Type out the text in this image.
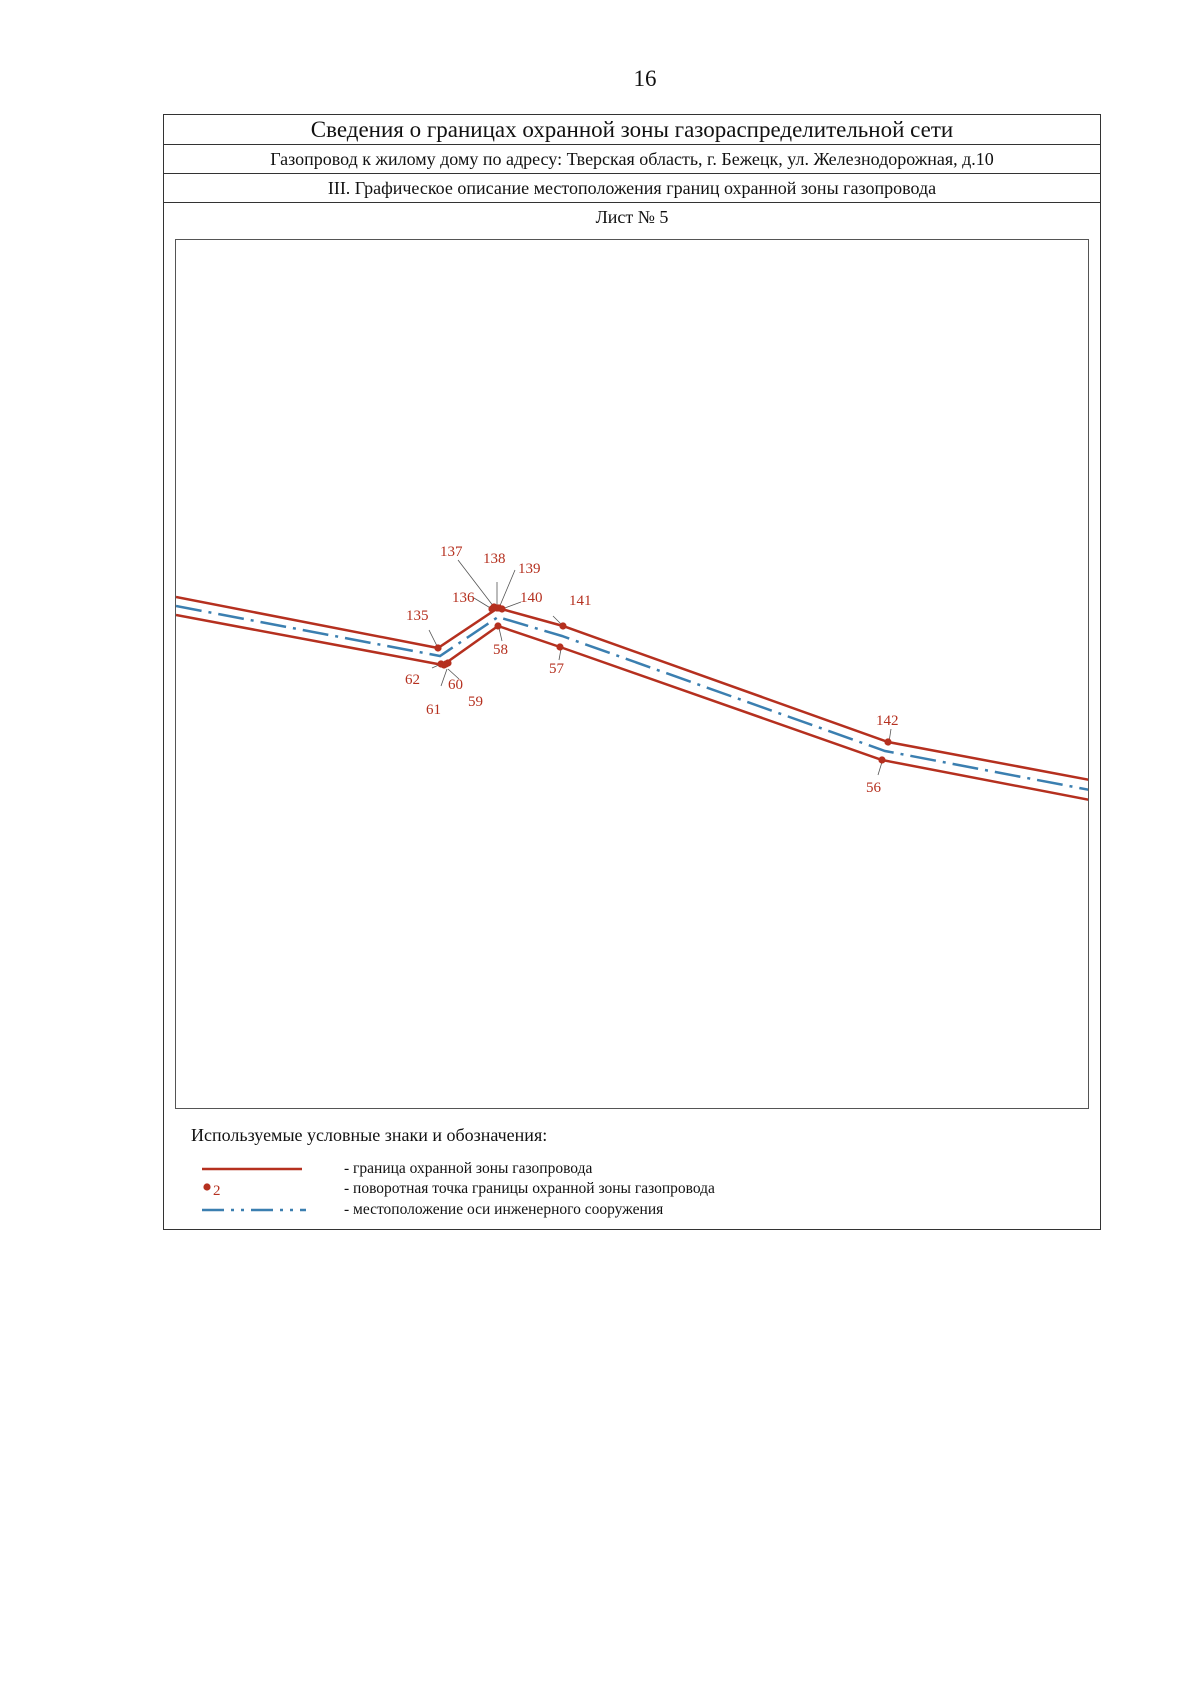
16
Сведения о границах охранной зоны газораспределительной сети
Газопровод к жилому дому по адресу: Тверская область, г. Бежецк, ул. Железнодорожная, д.10
III. Графическое описание местоположения границ охранной зоны газопровода
Лист № 5
137 138
139
136	140 141
135
58
57
62 60
59
61
142
56
Используемые условные знаки и обозначения:
- граница охранной зоны газопровода
2	- поворотная точка границы охранной зоны газопровода
- местоположение оси инженерного сооружения
